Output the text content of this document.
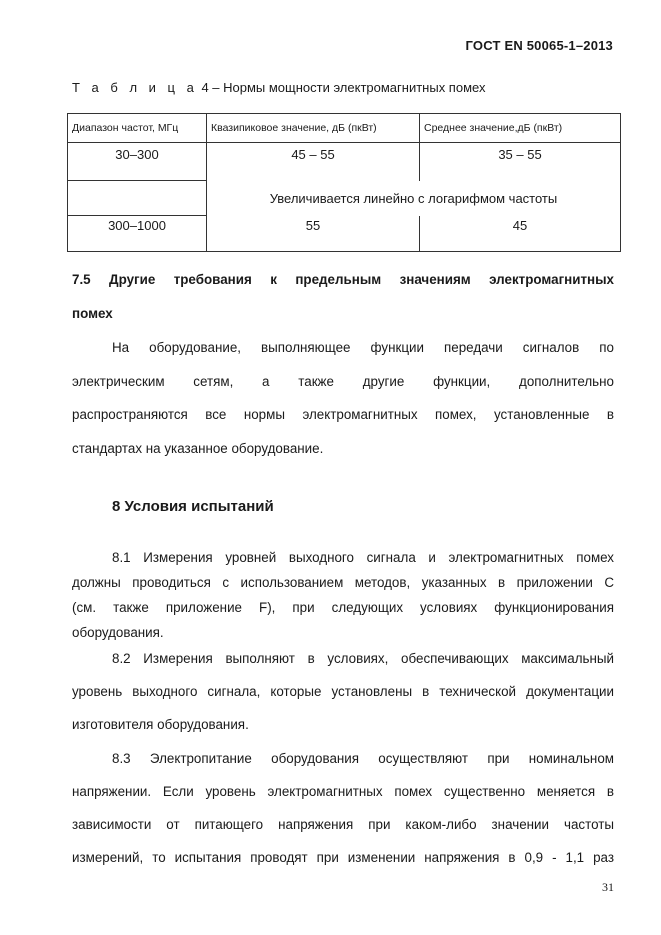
ГОСТ EN 50065-1–2013
Т а б л и ц а 4 – Нормы мощности электромагнитных помех
Диапазон частот, МГц	Квазипиковое значение, дБ (пкВт)	Среднее значение,дБ (пкВт)
30–300	45 – 55	35 – 55
	Увеличивается линейно с логарифмом частоты	
300–1000	55	45
7.5 Другие требования к предельным значениям электромагнитных
помех
На оборудование, выполняющее функции передачи сигналов по
электрическим сетям, а также другие функции, дополнительно
распространяются все нормы электромагнитных помех, установленные в
стандартах на указанное оборудование.
8 Условия испытаний
8.1 Измерения уровней выходного сигнала и электромагнитных помех
должны проводиться с использованием методов, указанных в приложении C
(см. также приложение F), при следующих условиях функционирования
оборудования.
8.2 Измерения выполняют в условиях, обеспечивающих максимальный
уровень выходного сигнала, которые установлены в технической документации
изготовителя оборудования.
8.3 Электропитание оборудования осуществляют при номинальном
напряжении. Если уровень электромагнитных помех существенно меняется в
зависимости от питающего напряжения при каком-либо значении частоты
измерений, то испытания проводят при изменении напряжения в 0,9 - 1,1 раз
31
